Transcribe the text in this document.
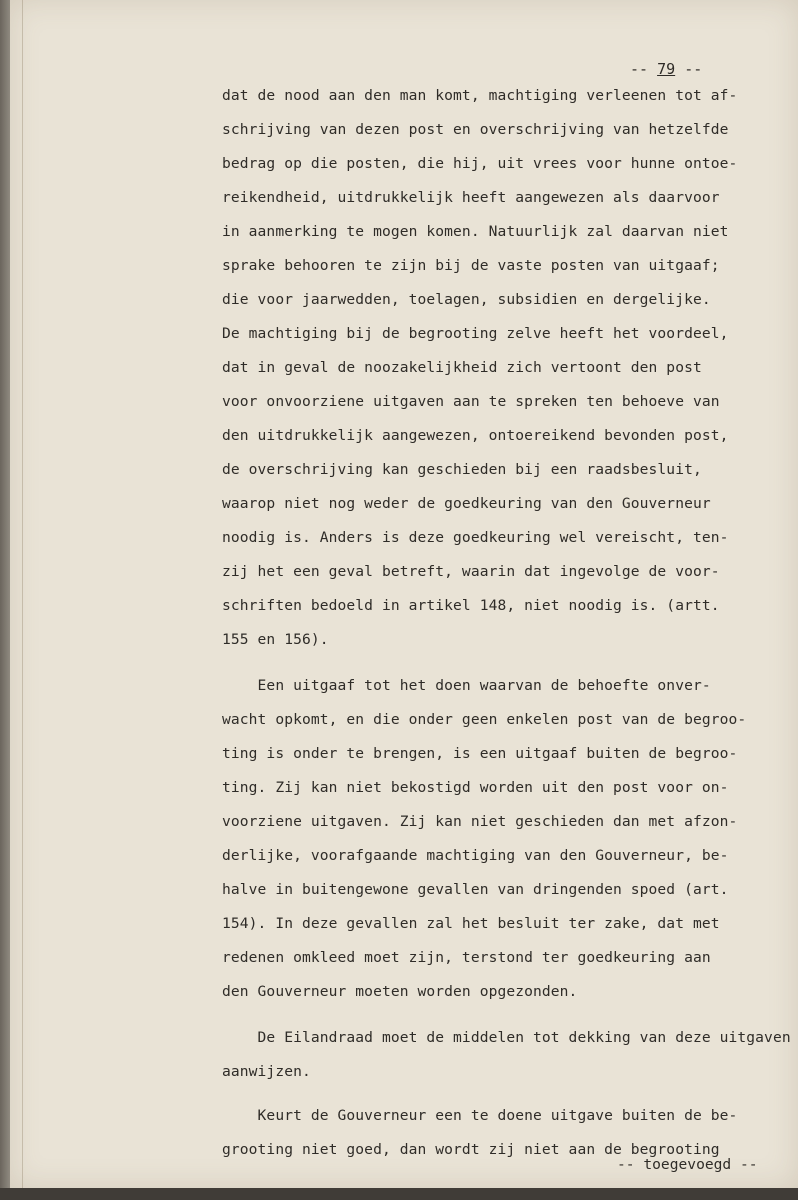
-- 79 --
dat de nood aan den man komt, machtiging verleenen tot af-
schrijving van dezen post en overschrijving van hetzelfde
bedrag op die posten, die hij, uit vrees voor hunne ontoe-
reikendheid, uitdrukkelijk heeft aangewezen als daarvoor
in aanmerking te mogen komen. Natuurlijk zal daarvan niet
sprake behooren te zijn bij de vaste posten van uitgaaf;
die voor jaarwedden, toelagen, subsidien en dergelijke.
De machtiging bij de begrooting zelve heeft het voordeel,
dat in geval de noozakelijkheid zich vertoont den post
voor onvoorziene uitgaven aan te spreken ten behoeve van
den uitdrukkelijk aangewezen, ontoereikend bevonden post,
de overschrijving kan geschieden bij een raadsbesluit,
waarop niet nog weder de goedkeuring van den Gouverneur
noodig is. Anders is deze goedkeuring wel vereischt, ten-
zij het een geval betreft, waarin dat ingevolge de voor-
schriften bedoeld in artikel 148, niet noodig is. (artt.
155 en 156).
Een uitgaaf tot het doen waarvan de behoefte onver-
wacht opkomt, en die onder geen enkelen post van de begroo-
ting is onder te brengen, is een uitgaaf buiten de begroo-
ting. Zij kan niet bekostigd worden uit den post voor on-
voorziene uitgaven. Zij kan niet geschieden dan met afzon-
derlijke, voorafgaande machtiging van den Gouverneur, be-
halve in buitengewone gevallen van dringenden spoed (art.
154). In deze gevallen zal het besluit ter zake, dat met
redenen omkleed moet zijn, terstond ter goedkeuring aan
den Gouverneur moeten worden opgezonden.
De Eilandraad moet de middelen tot dekking van deze uitgaven
aanwijzen.
Keurt de Gouverneur een te doene uitgave buiten de be-
grooting niet goed, dan wordt zij niet aan de begrooting
-- toegevoegd --
